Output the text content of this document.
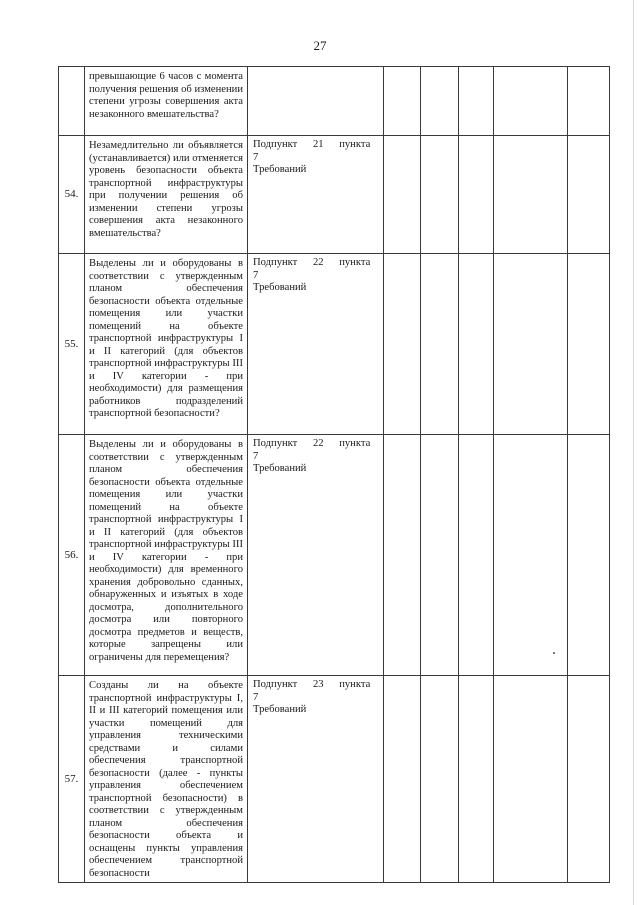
27
	превышающие 6 часов с момента получения решения об изменении степени угрозы совершения акта незаконного вмешательства?	

54.	Незамедлительно ли объявляется (устанавливается) или отменяется уровень безопасности объекта транспортной инфраструктуры при получении решения об изменении степени угрозы совершения акта незаконного вмешательства?	Подпункт 21 пункта 7
Требований					

55.	Выделены ли и оборудованы в соответствии с утвержденным планом обеспечения безопасности объекта отдельные помещения или участки помещений на объекте транспортной инфраструктуры I и II категорий (для объектов транспортной инфраструктуры III и IV категории - при необходимости) для размещения работников подразделений транспортной безопасности?	Подпункт 22 пункта 7
Требований					

56.	Выделены ли и оборудованы в соответствии с утвержденным планом обеспечения безопасности объекта отдельные помещения или участки помещений на объекте транспортной инфраструктуры I и II категорий (для объектов транспортной инфраструктуры III и IV категории - при необходимости) для временного хранения добровольно сданных, обнаруженных и изъятых в ходе досмотра, дополнительного досмотра или повторного досмотра предметов и веществ, которые запрещены или ограничены для перемещения?	Подпункт 22 пункта 7
Требований					

57.	Созданы ли на объекте транспортной инфраструктуры I, II и III категорий помещения или участки помещений для управления техническими средствами и силами обеспечения транспортной безопасности (далее - пункты управления обеспечением транспортной безопасности) в соответствии с утвержденным планом обеспечения безопасности объекта и оснащены пункты управления обеспечением транспортной безопасности	Подпункт 23 пункта 7
Требований					
